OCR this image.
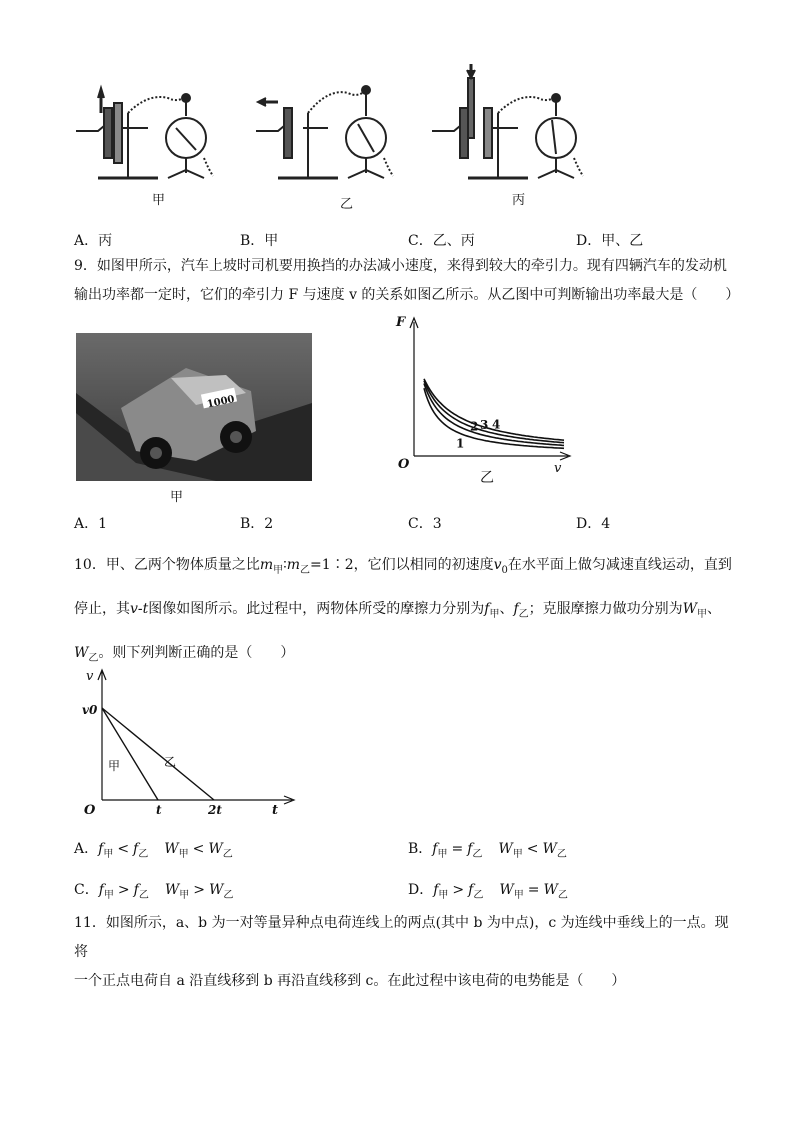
甲	乙	丙
A．丙	B．甲	C．乙、丙	D．甲、乙
9．如图甲所示，汽车上坡时司机要用换挡的办法减小速度，来得到较大的牵引力。现有四辆汽车的发动机
输出功率都一定时，它们的牵引力 F 与速度 v 的关系如图乙所示。从乙图中可判断输出功率最大是（　　）
1000
甲
F
v
O
乙
1
2 3 4
A．1	B．2	C．3	D．4
10．甲、乙两个物体质量之比$m_甲∶m_乙=1∶2$，它们以相同的初速度$v_0$在水平面上做匀减速直线运动，直到
停止，其v-t图像如图所示。此过程中，两物体所受的摩擦力分别为$f_甲$、$f_乙$；克服摩擦力做功分别为$W_甲$、
$W_乙$。则下列判断正确的是（　　）
v
t
O
v0
t	2t
甲	乙
A．$f_甲 < f_乙$ $W_甲 < W_乙$	B．$f_甲 = f_乙$ $W_甲 < W_乙$
C．$f_甲 > f_乙$ $W_甲 > W_乙$	D．$f_甲 > f_乙$ $W_甲 = W_乙$
11．如图所示，a、b 为一对等量异种点电荷连线上的两点(其中 b 为中点)，c 为连线中垂线上的一点。现将
一个正点电荷自 a 沿直线移到 b 再沿直线移到 c。在此过程中该电荷的电势能是（　　）
